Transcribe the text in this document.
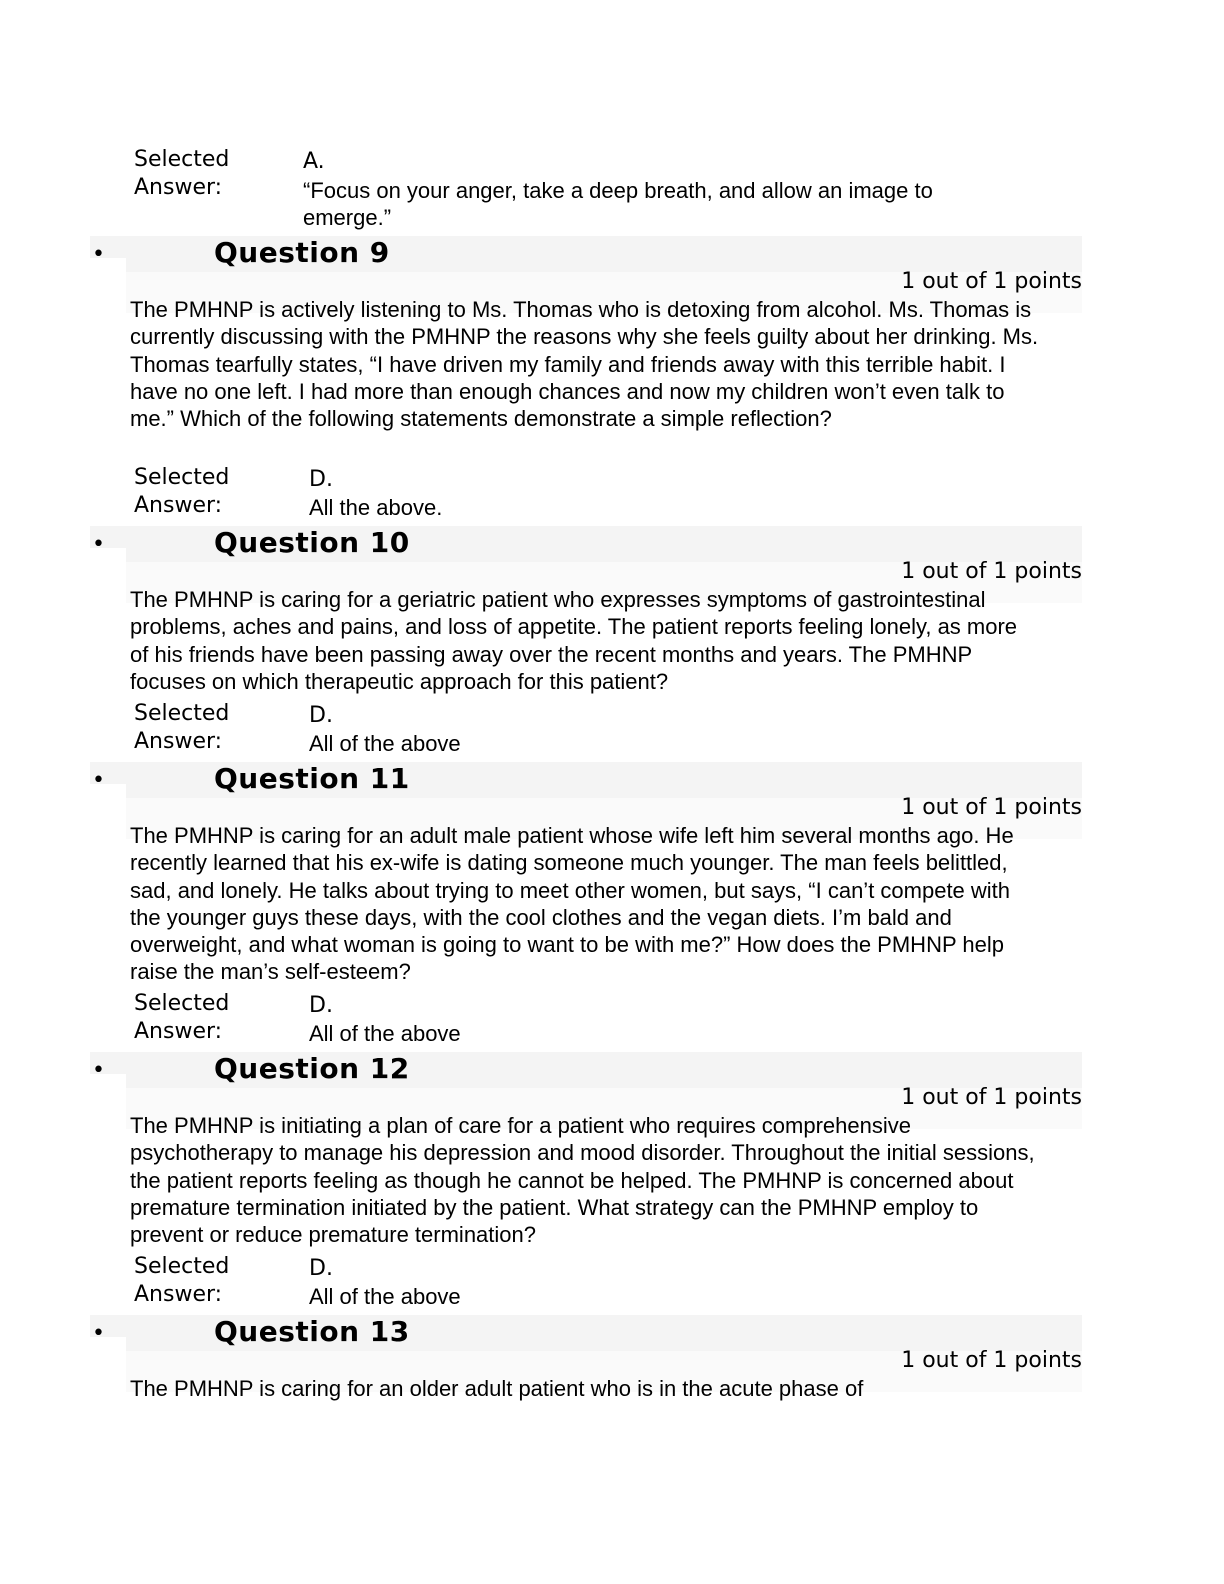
Selected
Answer:
A.
“Focus on your anger, take a deep breath, and allow an image to emerge.”
•	Question 9
1 out of 1 points
The PMHNP is actively listening to Ms. Thomas who is detoxing from alcohol. Ms. Thomas is currently discussing with the PMHNP the reasons why she feels guilty about her drinking. Ms. Thomas tearfully states, “I have driven my family and friends away with this terrible habit. I have no one left. I had more than enough chances and now my children won’t even talk to me.” Which of the following statements demonstrate a simple reflection?
Selected
Answer:
D.
All the above.
•	Question 10
1 out of 1 points
The PMHNP is caring for a geriatric patient who expresses symptoms of gastrointestinal problems, aches and pains, and loss of appetite. The patient reports feeling lonely, as more of his friends have been passing away over the recent months and years. The PMHNP focuses on which therapeutic approach for this patient?
Selected
Answer:
D.
All of the above
•	Question 11
1 out of 1 points
The PMHNP is caring for an adult male patient whose wife left him several months ago. He recently learned that his ex-wife is dating someone much younger. The man feels belittled, sad, and lonely. He talks about trying to meet other women, but says, “I can’t compete with the younger guys these days, with the cool clothes and the vegan diets. I’m bald and overweight, and what woman is going to want to be with me?” How does the PMHNP help raise the man’s self-esteem?
Selected
Answer:
D.
All of the above
•	Question 12
1 out of 1 points
The PMHNP is initiating a plan of care for a patient who requires comprehensive psychotherapy to manage his depression and mood disorder. Throughout the initial sessions, the patient reports feeling as though he cannot be helped. The PMHNP is concerned about premature termination initiated by the patient. What strategy can the PMHNP employ to prevent or reduce premature termination?
Selected
Answer:
D.
All of the above
•	Question 13
1 out of 1 points
The PMHNP is caring for an older adult patient who is in the acute phase of
